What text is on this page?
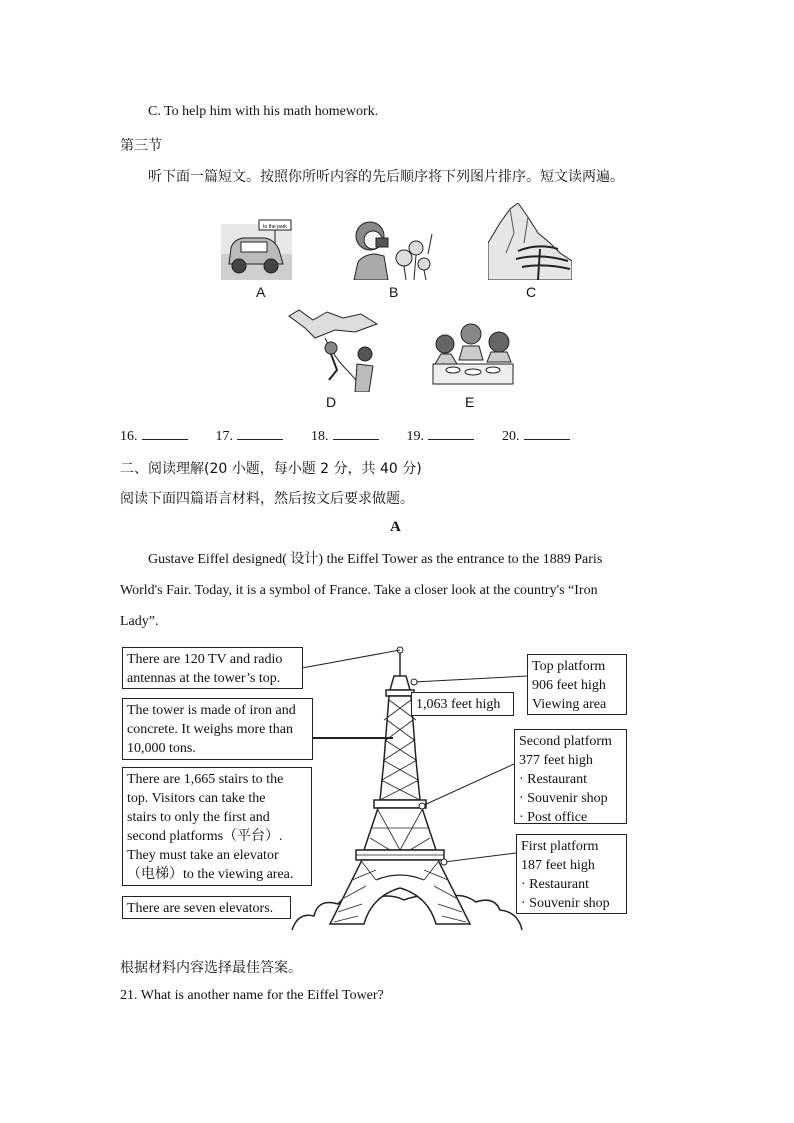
C. To help him with his math homework.
第三节
听下面一篇短文。按照你所听内容的先后顺序将下列图片排序。短文读两遍。
to the park
A	B	C
D	E
16.	17.	18.	19.	20.
二、阅读理解(20 小题，每小题 2 分，共 40 分)
阅读下面四篇语言材料，然后按文后要求做题。
A
Gustave Eiffel designed( 设计) the Eiffel Tower as the entrance to the 1889 Paris
World's Fair. Today, it is a symbol of France. Take a closer look at the country's “Iron
Lady”.
There are 120 TV and radio
antennas at the tower’s top.
The tower is made of iron and
concrete. It weighs more than
10,000 tons.
There are 1,665 stairs to the
top. Visitors can take the
stairs to only the first and
second platforms（平台）.
They must take an elevator
（电梯）to the viewing area.
There are seven elevators.
1,063 feet high
Top platform
906 feet high
Viewing area
Second platform
377 feet high
· Restaurant
· Souvenir shop
· Post office
First platform
187 feet high
· Restaurant
· Souvenir shop
根据材料内容选择最佳答案。
21. What is another name for the Eiffel Tower?
